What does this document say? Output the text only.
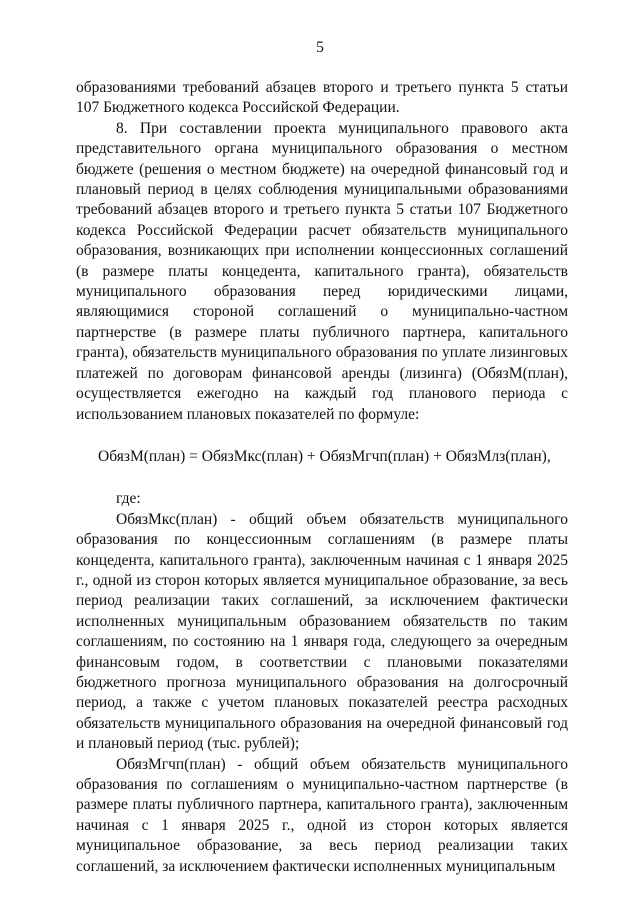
5

образованиями требований абзацев второго и третьего пункта 5 статьи 107 Бюджетного кодекса Российской Федерации.

8. При составлении проекта муниципального правового акта представительного органа муниципального образования о местном бюджете (решения о местном бюджете) на очередной финансовый год и плановый период в целях соблюдения муниципальными образованиями требований абзацев второго и третьего пункта 5 статьи 107 Бюджетного кодекса Российской Федерации расчет обязательств муниципального образования, возникающих при исполнении концессионных соглашений (в размере платы концедента, капитального гранта), обязательств муниципального образования перед юридическими лицами, являющимися стороной соглашений о муниципально-частном партнерстве (в размере платы публичного партнера, капитального гранта), обязательств муниципального образования по уплате лизинговых платежей по договорам финансовой аренды (лизинга) (ОбязМ(план), осуществляется ежегодно на каждый год планового периода с использованием плановых показателей по формуле:

ОбязМ(план) = ОбязМкс(план) + ОбязМгчп(план) + ОбязМлз(план),

где:

ОбязМкс(план) - общий объем обязательств муниципального образования по концессионным соглашениям (в размере платы концедента, капитального гранта), заключенным начиная с 1 января 2025 г., одной из сторон которых является муниципальное образование, за весь период реализации таких соглашений, за исключением фактически исполненных муниципальным образованием обязательств по таким соглашениям, по состоянию на 1 января года, следующего за очередным финансовым годом, в соответствии с плановыми показателями бюджетного прогноза муниципального образования на долгосрочный период, а также с учетом плановых показателей реестра расходных обязательств муниципального образования на очередной финансовый год и плановый период (тыс. рублей);

ОбязМгчп(план) - общий объем обязательств муниципального образования по соглашениям о муниципально-частном партнерстве (в размере платы публичного партнера, капитального гранта), заключенным начиная с 1 января 2025 г., одной из сторон которых является муниципальное образование, за весь период реализации таких соглашений, за исключением фактически исполненных муниципальным
